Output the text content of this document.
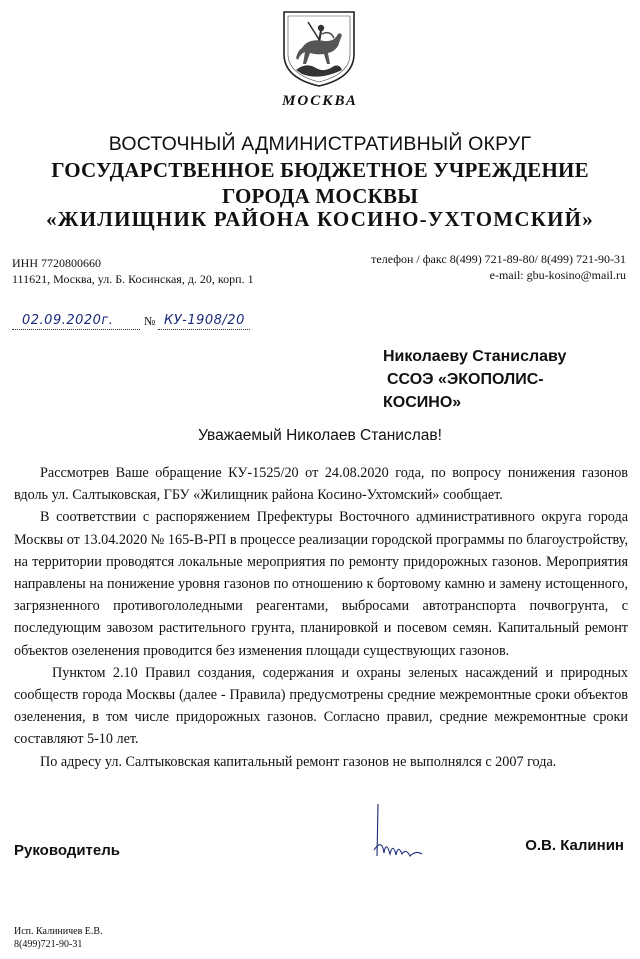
МОСКВА
ВОСТОЧНЫЙ АДМИНИСТРАТИВНЫЙ ОКРУГ
ГОСУДАРСТВЕННОЕ БЮДЖЕТНОЕ УЧРЕЖДЕНИЕ
ГОРОДА МОСКВЫ
«ЖИЛИЩНИК РАЙОНА КОСИНО-УХТОМСКИЙ»
ИНН 7720800660
111621, Москва, ул. Б. Косинская, д. 20, корп. 1
телефон / факс 8(499) 721-89-80/ 8(499) 721-90-31
e-mail: gbu-kosino@mail.ru
02.09.2020г.	№ КУ-1908/20
Николаеву Станиславу
ССОЭ «ЭКОПОЛИС-
КОСИНО»
Уважаемый Николаев Станислав!

Рассмотрев Ваше обращение КУ-1525/20 от 24.08.2020 года, по вопросу понижения газонов вдоль ул. Салтыковская, ГБУ «Жилищник района Косино-Ухтомский» сообщает.

В соответствии с распоряжением Префектуры Восточного административного округа города Москвы от 13.04.2020 № 165-В-РП в процессе реализации городской программы по благоустройству, на территории проводятся локальные мероприятия по ремонту придорожных газонов. Мероприятия направлены на понижение уровня газонов по отношению к бортовому камню и замену истощенного, загрязненного противогололедными реагентами, выбросами автотранспорта почвогрунта, с последующим завозом растительного грунта, планировкой и посевом семян. Капитальный ремонт объектов озеленения проводится без изменения площади существующих газонов.

Пунктом 2.10 Правил создания, содержания и охраны зеленых насаждений и природных сообществ города Москвы (далее - Правила) предусмотрены средние межремонтные сроки объектов озеленения, в том числе придорожных газонов. Согласно правил, средние межремонтные сроки составляют 5-10 лет.

По адресу ул. Салтыковская капитальный ремонт газонов не выполнялся с 2007 года.

Руководитель	О.В. Калинин
Исп. Калиничев Е.В.
8(499)721-90-31
